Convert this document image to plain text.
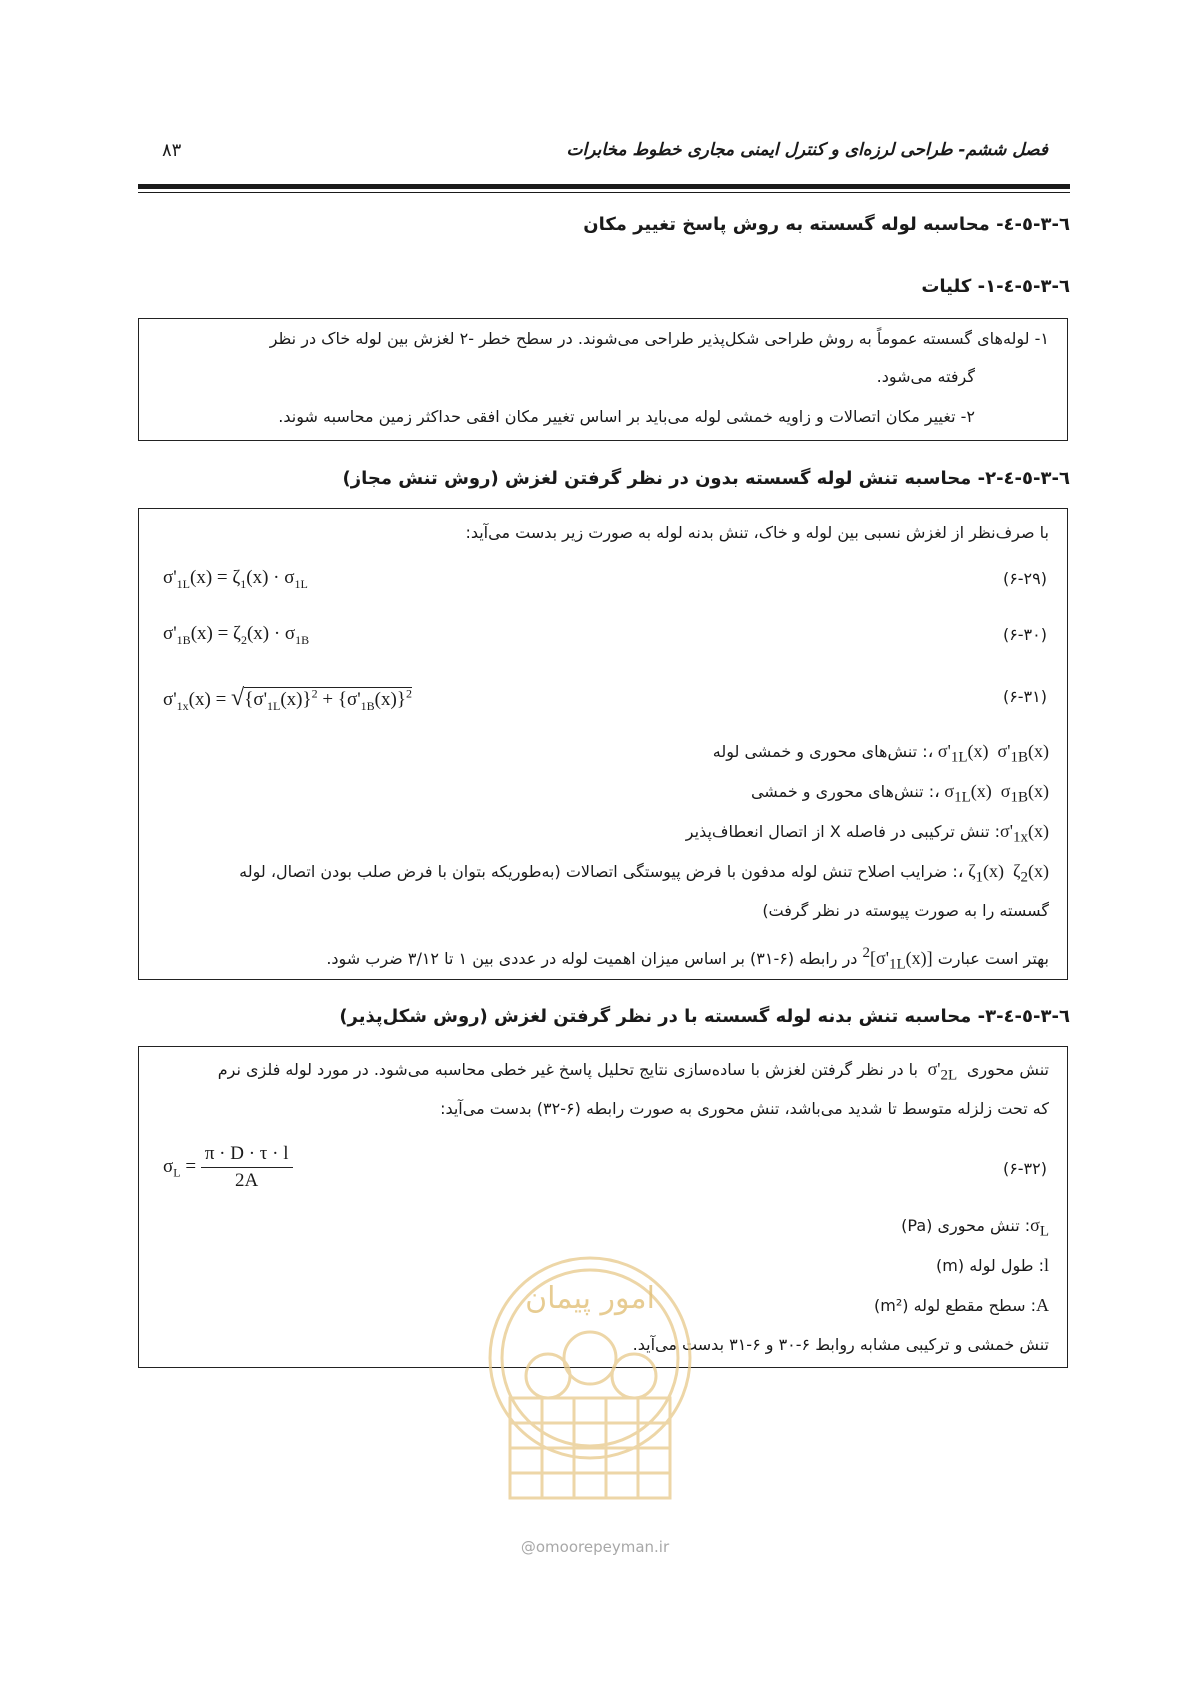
فصل ششم- طراحی لرزه‌ای و کنترل ایمنی مجاری خطوط مخابرات
۸۳
٦-٣-٥-٤- محاسبه لوله گسسته به روش پاسخ تغییر مکان
٦-٣-٥-٤-١- کلیات
١- لوله‌های گسسته عموماً به روش طراحی شکل‌پذیر طراحی می‌شوند. در سطح خطر -٢ لغزش بین لوله خاک در نظر
گرفته می‌شود.
٢- تغییر مکان اتصالات و زاویه خمشی لوله می‌باید بر اساس تغییر مکان افقی حداکثر زمین محاسبه شوند.
٦-٣-٥-٤-٢- محاسبه تنش لوله گسسته بدون در نظر گرفتن لغزش (روش تنش مجاز)
با صرف‌نظر از لغزش نسبی بین لوله و خاک، تنش بدنه لوله به صورت زیر بدست می‌آید:
$\sigma'_{1L}(x) = \zeta_1(x) \cdot \sigma_{1L}$	(۶-۲۹)
$\sigma'_{1B}(x) = \zeta_2(x) \cdot \sigma_{1B}$	(۶-۳۰)
$\sigma'_{1x}(x) = √\{\sigma'_{1L}(x)\}^2 + \{\sigma'_{1B}(x)\}^2$	(۶-۳۱)
$\sigma'_{1L}(x)$  $\sigma'_{1B}(x)$ ،: تنش‌های محوری و خمشی لوله
$\sigma_{1L}(x)$  $\sigma_{1B}(x)$ ،: تنش‌های محوری و خمشی
$\sigma'_{1x}(x)$: تنش ترکیبی در فاصله X از اتصال انعطاف‌پذیر
$\zeta_1(x)$  $\zeta_2(x)$ ،: ضرایب اصلاح تنش لوله مدفون با فرض پیوستگی اتصالات (به‌طوریکه بتوان با فرض صلب بودن اتصال، لوله
گسسته را به صورت پیوسته در نظر گرفت)
بهتر است عبارت $[\sigma'_{1L}(x)]^2$ در رابطه (۶-۳۱) بر اساس میزان اهمیت لوله در عددی بین ۱ تا ۳/۱۲ ضرب شود.
٦-٣-٥-٤-٣- محاسبه تنش بدنه لوله گسسته با در نظر گرفتن لغزش (روش شکل‌پذیر)
تنش محوری  $\sigma'_{2L}$  با در نظر گرفتن لغزش با ساده‌سازی نتایج تحلیل پاسخ غیر خطی محاسبه می‌شود. در مورد لوله فلزی نرم
که تحت زلزله متوسط تا شدید می‌باشد، تنش محوری به صورت رابطه (۶-۳۲) بدست می‌آید:
$\sigma_L = \frac{\pi \cdot D \cdot \tau \cdot l}{2A}$	(۶-۳۲)
$\sigma_L$: تنش محوری (Pa)
l: طول لوله (m)
A: سطح مقطع لوله (m²)
تنش خمشی و ترکیبی مشابه روابط ۶-۳۰ و ۶-۳۱ بدست می‌آید.
امور پیمان
@omoorepeyman.ir
